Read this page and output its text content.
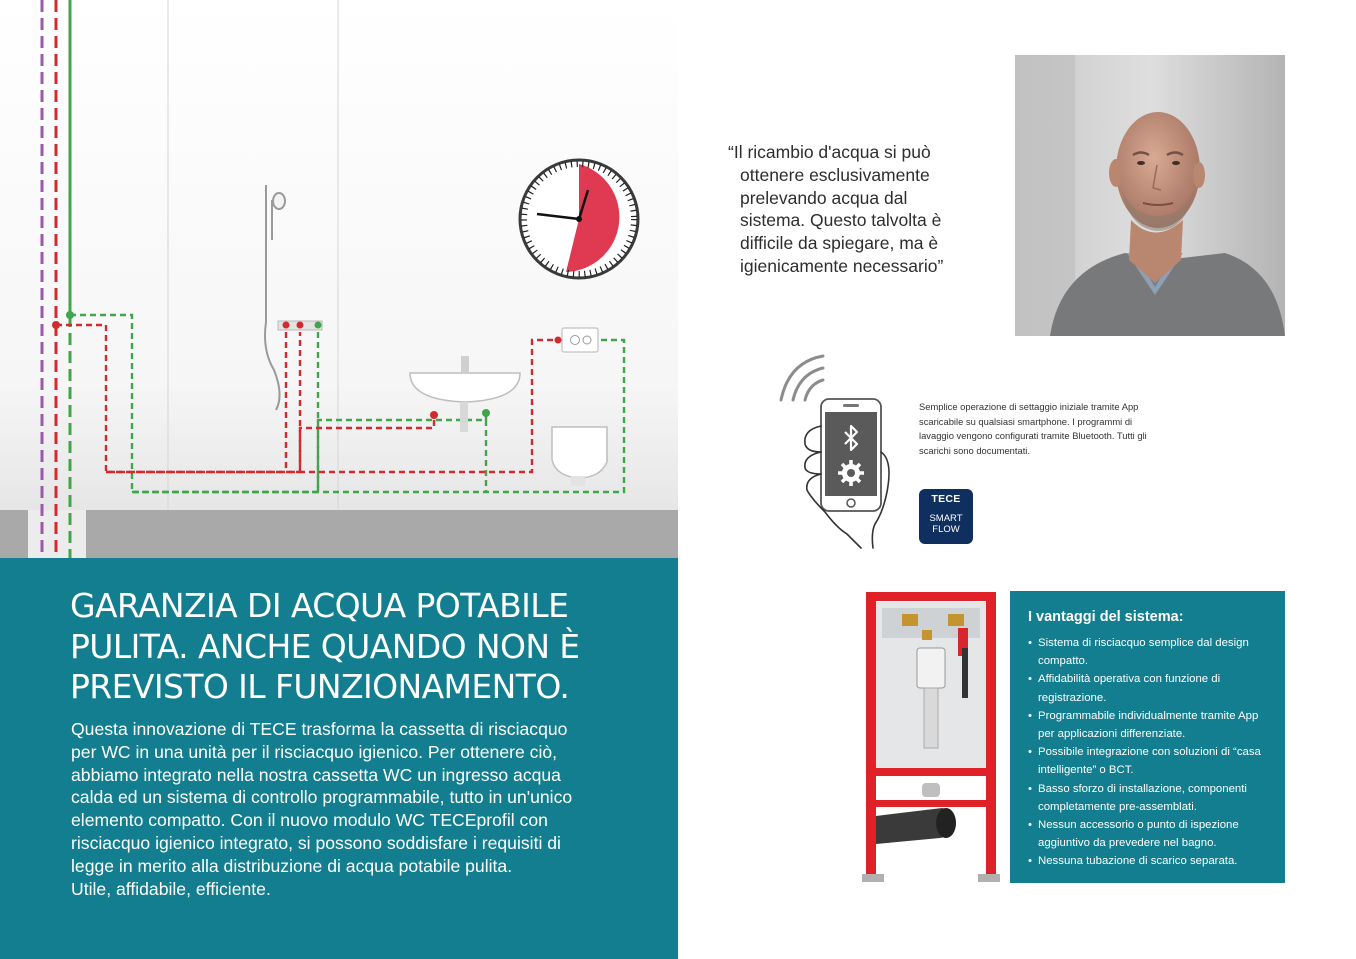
GARANZIA DI ACQUA POTABILE
PULITA. ANCHE QUANDO NON È
PREVISTO IL FUNZIONAMENTO.

Questa innovazione di TECE trasforma la cassetta di risciacquo

per WC in una unità per il risciacquo igienico. Per ottenere ciò,

abbiamo integrato nella nostra cassetta WC un ingresso acqua

calda ed un sistema di controllo programmabile, tutto in un'unico

elemento compatto. Con il nuovo modulo WC TECEprofil con

risciacquo igienico integrato, si possono soddisfare i requisiti di

legge in merito alla distribuzione di acqua potabile pulita.

Utile, affidabile, efficiente.

“Il ricambio d'acqua si può
ottenere esclusivamente
prelevando acqua dal
sistema. Questo talvolta è
difficile da spiegare, ma è
igienicamente necessario”
Semplice operazione di settaggio iniziale tramite App
scaricabile su qualsiasi smartphone. I programmi di
lavaggio vengono configurati tramite Bluetooth. Tutti gli
scarichi sono documentati.
TECE
SMART
FLOW
I vantaggi del sistema:
• Sistema di risciacquo semplice dal design compatto.
• Affidabilità operativa con funzione di registrazione.
• Programmabile individualmente tramite App per applicazioni differenziate.
• Possibile integrazione con soluzioni di “casa intelligente” o BCT.
• Basso sforzo di installazione, componenti completamente pre-assemblati.
• Nessun accessorio o punto di ispezione aggiuntivo da prevedere nel bagno.
• Nessuna tubazione di scarico separata.
